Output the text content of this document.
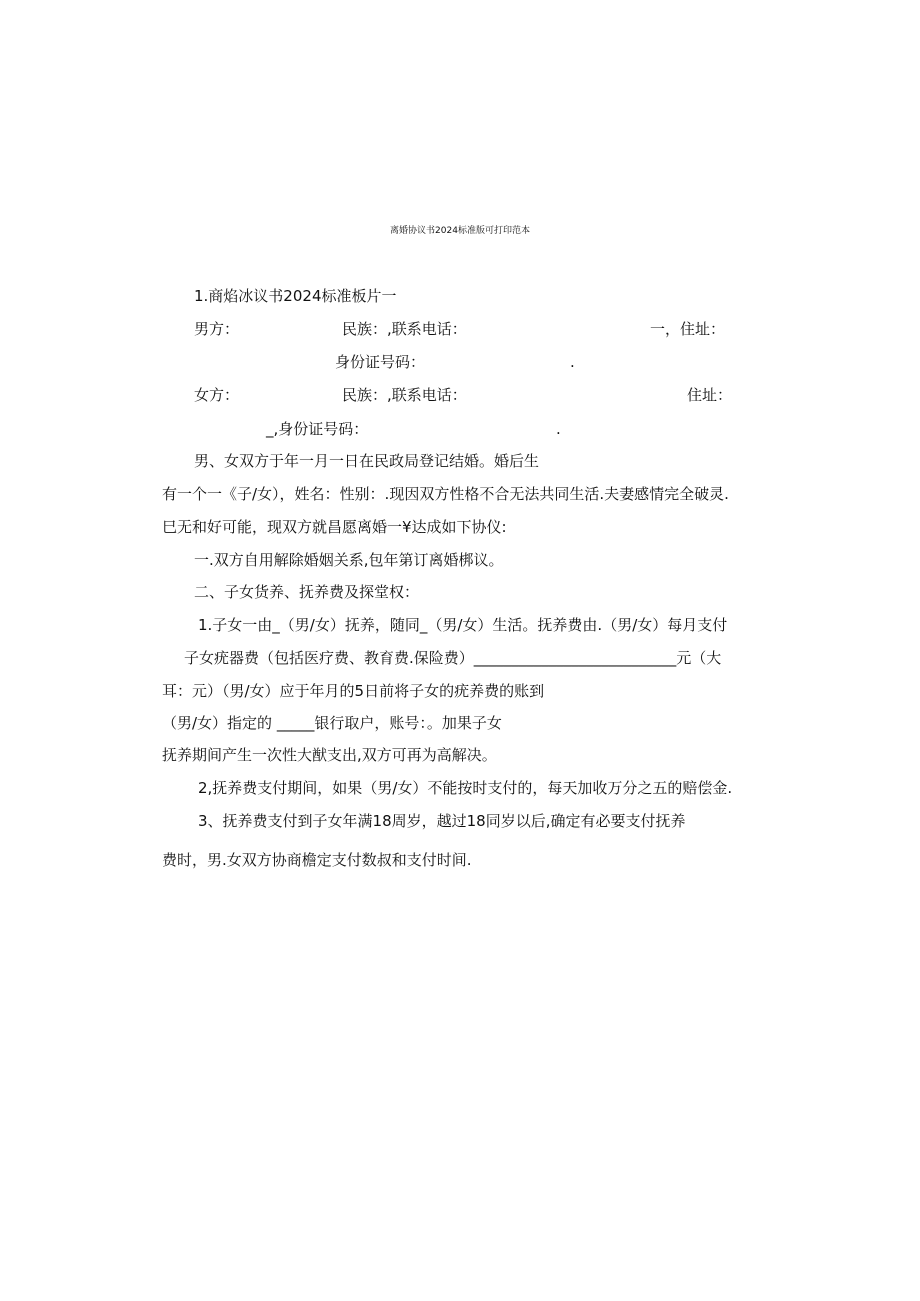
离婚协议书2024标准版可打印范本
1.商焰冰议书2024标准板片一
男方：	民族：,联系电话：	一，住址：
身份证号码：	.
女方：	民族：,联系电话：	住址：
_,身份证号码：	.
男、女双方于年一月一日在民政局登记结婚。婚后生
有一个一《子/女），姓名：性别：.现因双方性格不合无法共同生活.夫妻感情完全破灵.
巳无和好可能，现双方就昌愿离婚一¥达成如下协仪:
一.双方自用解除婚姻关系,包年第订离婚梆议。
二、子女货养、抚养费及探堂权：
1.子女一由_（男/女）抚养，随同_（男/女）生活。抚养费由.（男/女）每月支付
子女疣器费（包括医疗费、教育费.保险费）___________________________元（大
耳：元）（男/女）应于年月的5日前将子女的疣养费的账到
（男/女）指定的 _____银行取户，账号：。加果子女
抚养期间产生一次性大猷支出,双方可再为高解决。
2,抚养费支付期间，如果（男/女）不能按时支付的，每天加收万分之五的赔偿金.
3、抚养费支付到子女年满18周岁，越过18同岁以后,确定有必要支付抚养
费时，男.女双方协商檐定支付数叔和支付时间.
